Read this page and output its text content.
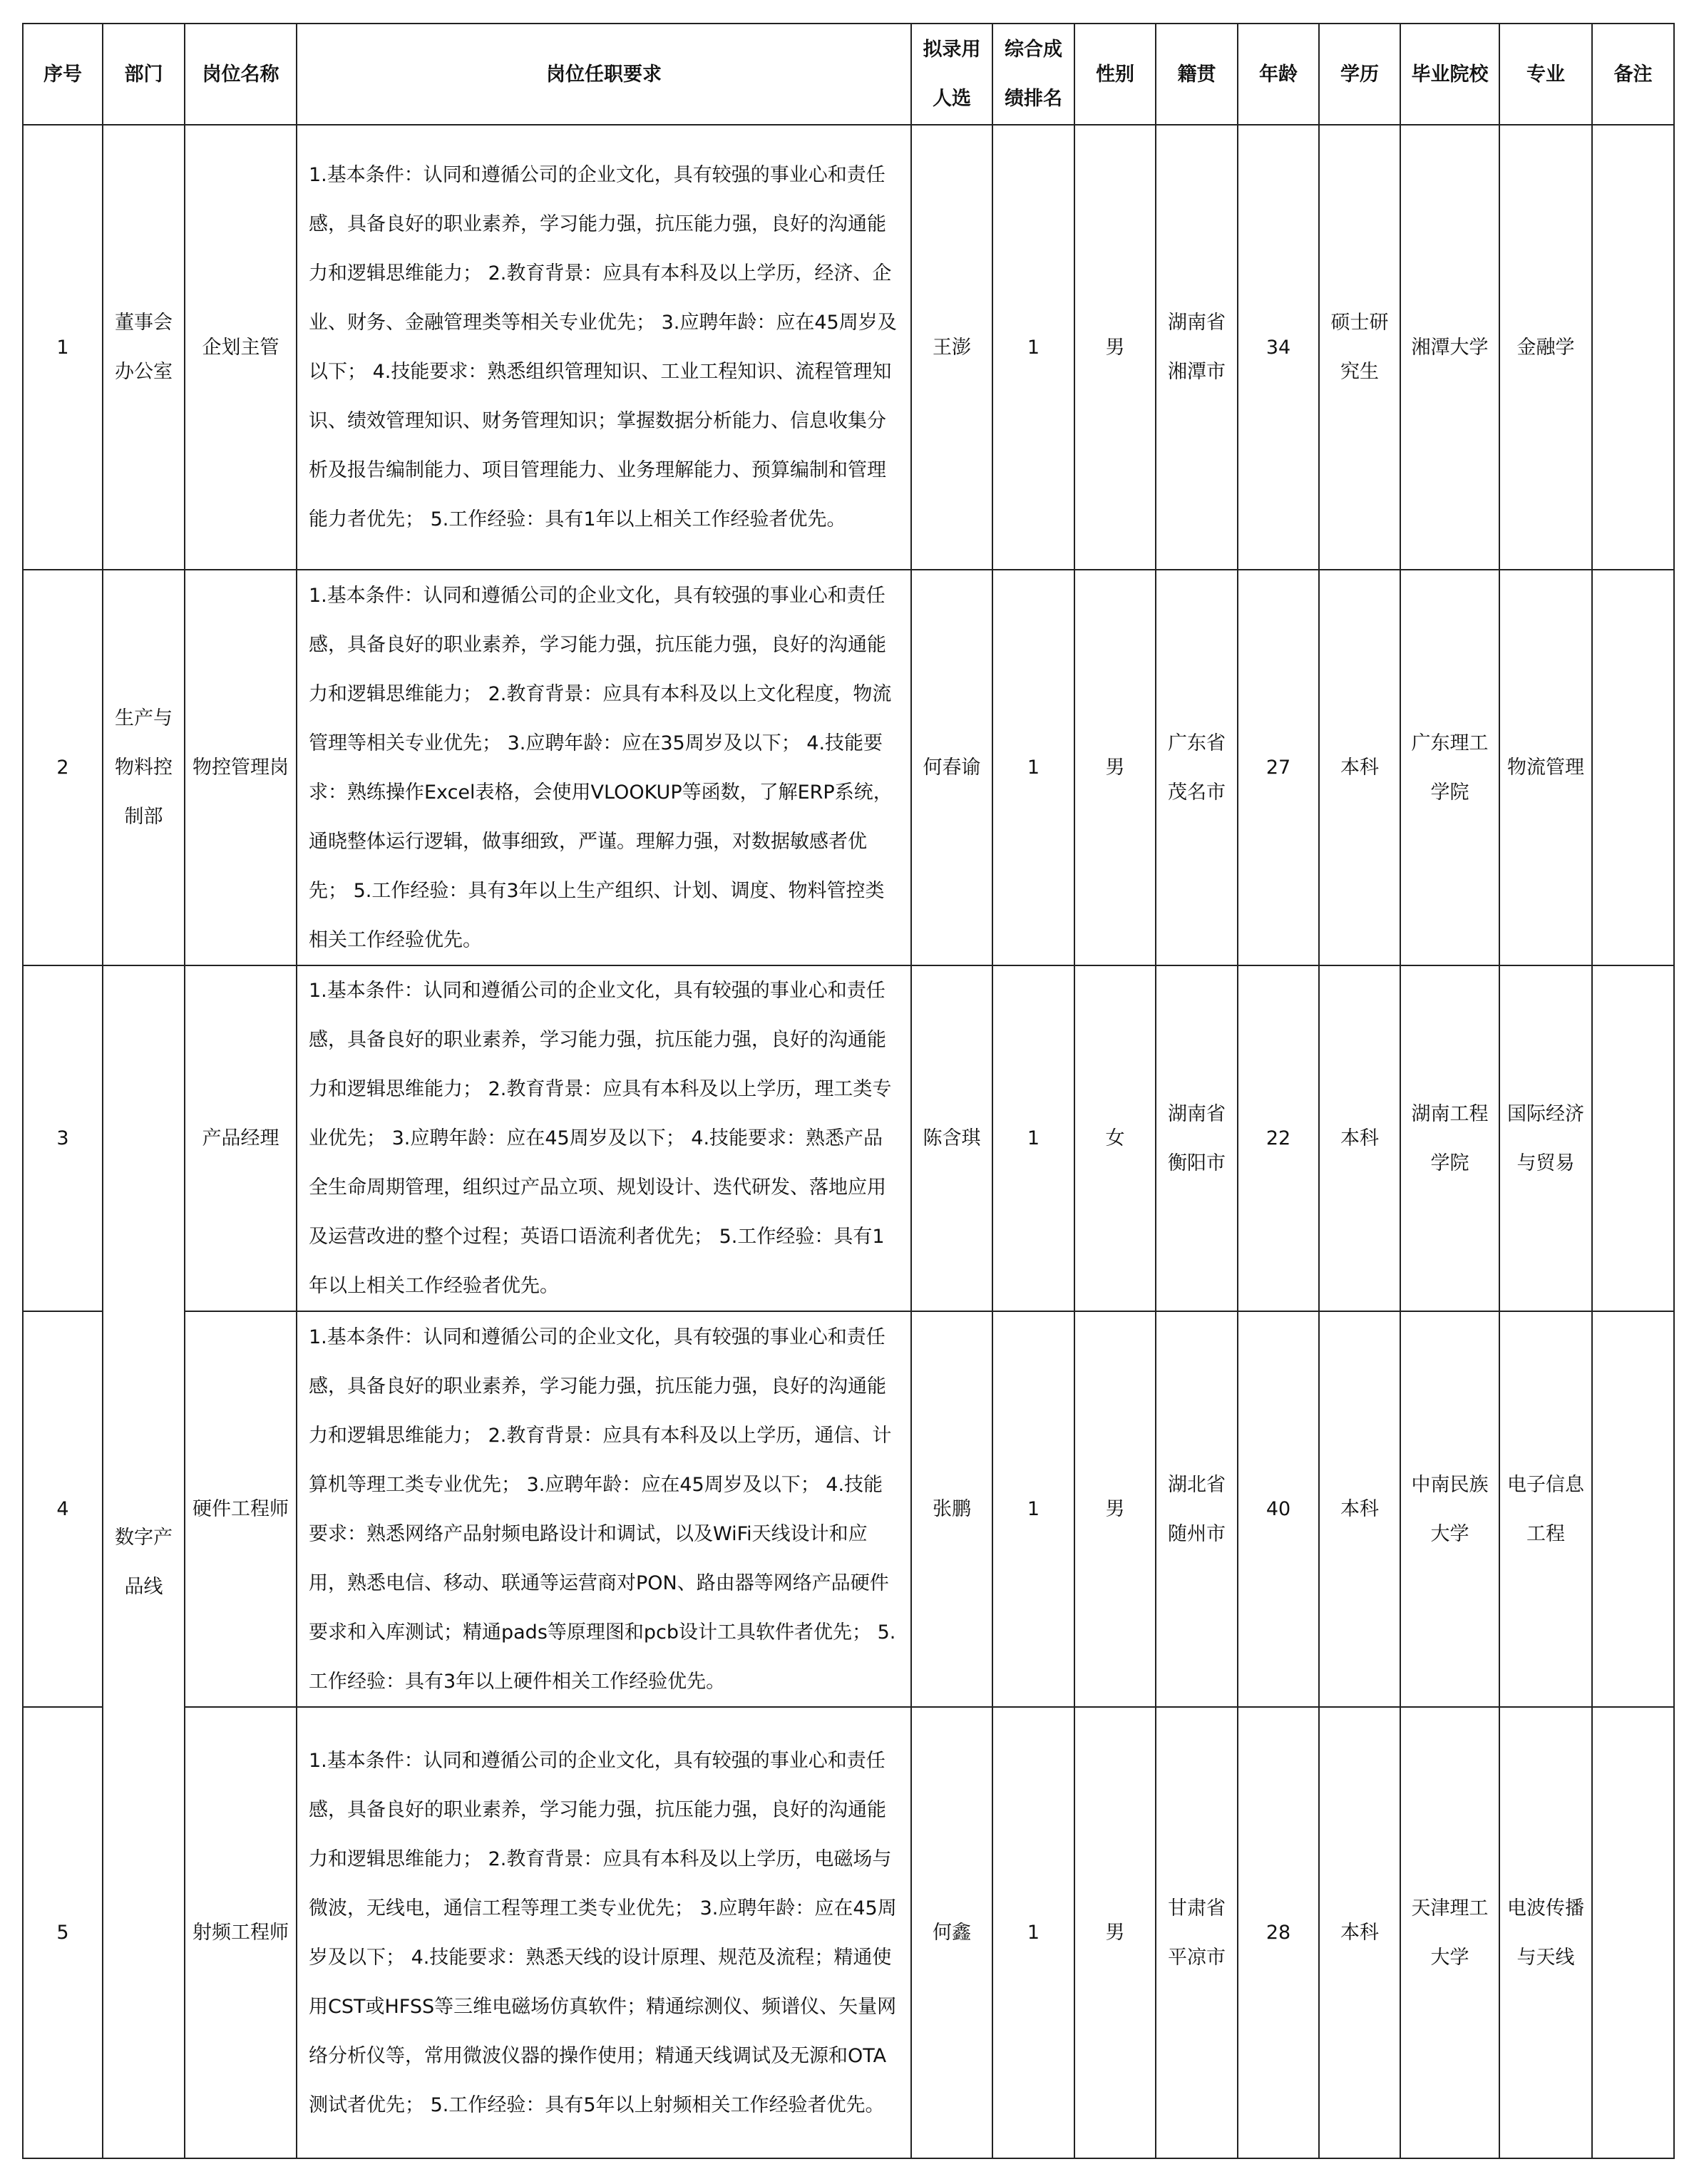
序号	部门	岗位名称	岗位任职要求	拟录用人选	综合成绩排名	性别	籍贯	年龄	学历	毕业院校	专业	备注
1	董事会办公室	企划主管	1.基本条件：认同和遵循公司的企业文化，具有较强的事业心和责任感，具备良好的职业素养，学习能力强，抗压能力强，良好的沟通能力和逻辑思维能力； 2.教育背景：应具有本科及以上学历，经济、企业、财务、金融管理类等相关专业优先； 3.应聘年龄：应在45周岁及以下； 4.技能要求：熟悉组织管理知识、工业工程知识、流程管理知识、绩效管理知识、财务管理知识；掌握数据分析能力、信息收集分析及报告编制能力、项目管理能力、业务理解能力、预算编制和管理能力者优先； 5.工作经验：具有1年以上相关工作经验者优先。	王澎	1	男	湖南省湘潭市	34	硕士研究生	湘潭大学	金融学	
2	生产与物料控制部	物控管理岗	1.基本条件：认同和遵循公司的企业文化，具有较强的事业心和责任感，具备良好的职业素养，学习能力强，抗压能力强，良好的沟通能力和逻辑思维能力； 2.教育背景：应具有本科及以上文化程度，物流管理等相关专业优先； 3.应聘年龄：应在35周岁及以下； 4.技能要求：熟练操作Excel表格，会使用VLOOKUP等函数，了解ERP系统，通晓整体运行逻辑，做事细致，严谨。理解力强，对数据敏感者优先； 5.工作经验：具有3年以上生产组织、计划、调度、物料管控类相关工作经验优先。	何春谕	1	男	广东省茂名市	27	本科	广东理工学院	物流管理	
3	数字产品线	产品经理	1.基本条件：认同和遵循公司的企业文化，具有较强的事业心和责任感，具备良好的职业素养，学习能力强，抗压能力强，良好的沟通能力和逻辑思维能力； 2.教育背景：应具有本科及以上学历，理工类专业优先； 3.应聘年龄：应在45周岁及以下； 4.技能要求：熟悉产品全生命周期管理，组织过产品立项、规划设计、迭代研发、落地应用及运营改进的整个过程；英语口语流利者优先； 5.工作经验：具有1年以上相关工作经验者优先。	陈含琪	1	女	湖南省衡阳市	22	本科	湖南工程学院	国际经济与贸易	
4		硬件工程师	1.基本条件：认同和遵循公司的企业文化，具有较强的事业心和责任感，具备良好的职业素养，学习能力强，抗压能力强，良好的沟通能力和逻辑思维能力； 2.教育背景：应具有本科及以上学历，通信、计算机等理工类专业优先； 3.应聘年龄：应在45周岁及以下； 4.技能要求：熟悉网络产品射频电路设计和调试，以及WiFi天线设计和应用，熟悉电信、移动、联通等运营商对PON、路由器等网络产品硬件要求和入库测试；精通pads等原理图和pcb设计工具软件者优先； 5.工作经验：具有3年以上硬件相关工作经验优先。	张鹏	1	男	湖北省随州市	40	本科	中南民族大学	电子信息工程	
5		射频工程师	1.基本条件：认同和遵循公司的企业文化，具有较强的事业心和责任感，具备良好的职业素养，学习能力强，抗压能力强，良好的沟通能力和逻辑思维能力； 2.教育背景：应具有本科及以上学历，电磁场与微波，无线电，通信工程等理工类专业优先； 3.应聘年龄：应在45周岁及以下； 4.技能要求：熟悉天线的设计原理、规范及流程；精通使用CST或HFSS等三维电磁场仿真软件；精通综测仪、频谱仪、矢量网络分析仪等，常用微波仪器的操作使用；精通天线调试及无源和OTA测试者优先； 5.工作经验：具有5年以上射频相关工作经验者优先。	何鑫	1	男	甘肃省平凉市	28	本科	天津理工大学	电波传播与天线	
